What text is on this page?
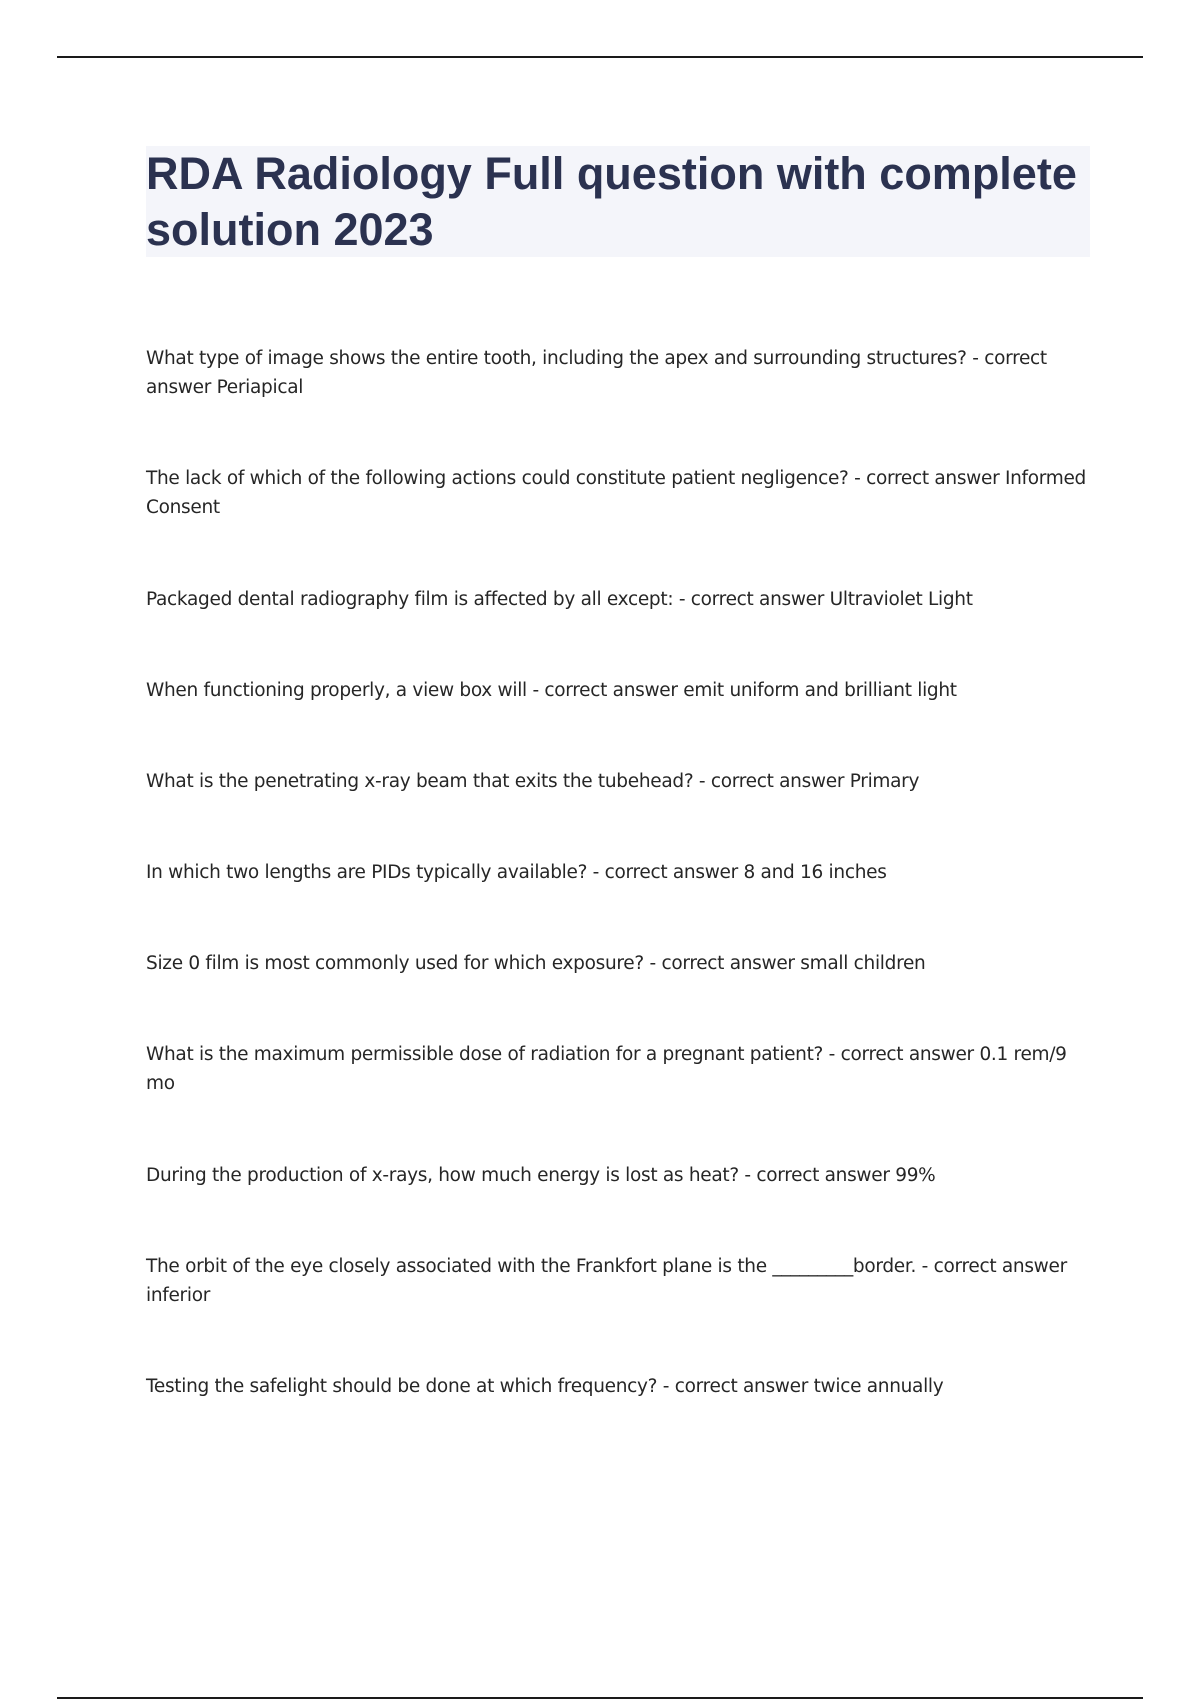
RDA Radiology Full question with complete solution 2023
What type of image shows the entire tooth, including the apex and surrounding structures? - correct answer Periapical
The lack of which of the following actions could constitute patient negligence? - correct answer Informed Consent
Packaged dental radiography film is affected by all except: - correct answer Ultraviolet Light
When functioning properly, a view box will - correct answer emit uniform and brilliant light
What is the penetrating x-ray beam that exits the tubehead? - correct answer Primary
In which two lengths are PIDs typically available? - correct answer 8 and 16 inches
Size 0 film is most commonly used for which exposure? - correct answer small children
What is the maximum permissible dose of radiation for a pregnant patient? - correct answer 0.1 rem/9 mo
During the production of x-rays, how much energy is lost as heat? - correct answer 99%
The orbit of the eye closely associated with the Frankfort plane is the _________border. - correct answer inferior
Testing the safelight should be done at which frequency? - correct answer twice annually
